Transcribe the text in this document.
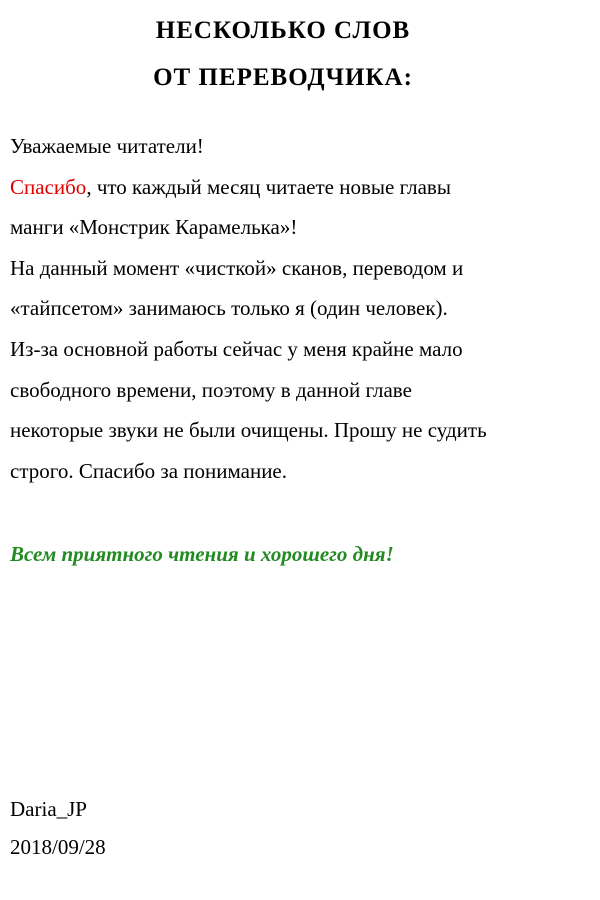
НЕСКОЛЬКО СЛОВ
ОТ ПЕРЕВОДЧИКА:

Уважаемые читатели!

Спасибо, что каждый месяц читаете новые главы

манги «Монстрик Карамелька»!

На данный момент «чисткой» сканов, переводом и

«тайпсетом» занимаюсь только я (один человек).

Из-за основной работы сейчас у меня крайне мало

свободного времени, поэтому в данной главе

некоторые звуки не были очищены. Прошу не судить

строго. Спасибо за понимание.

Всем приятного чтения и хорошего дня!
Daria_JP
2018/09/28
